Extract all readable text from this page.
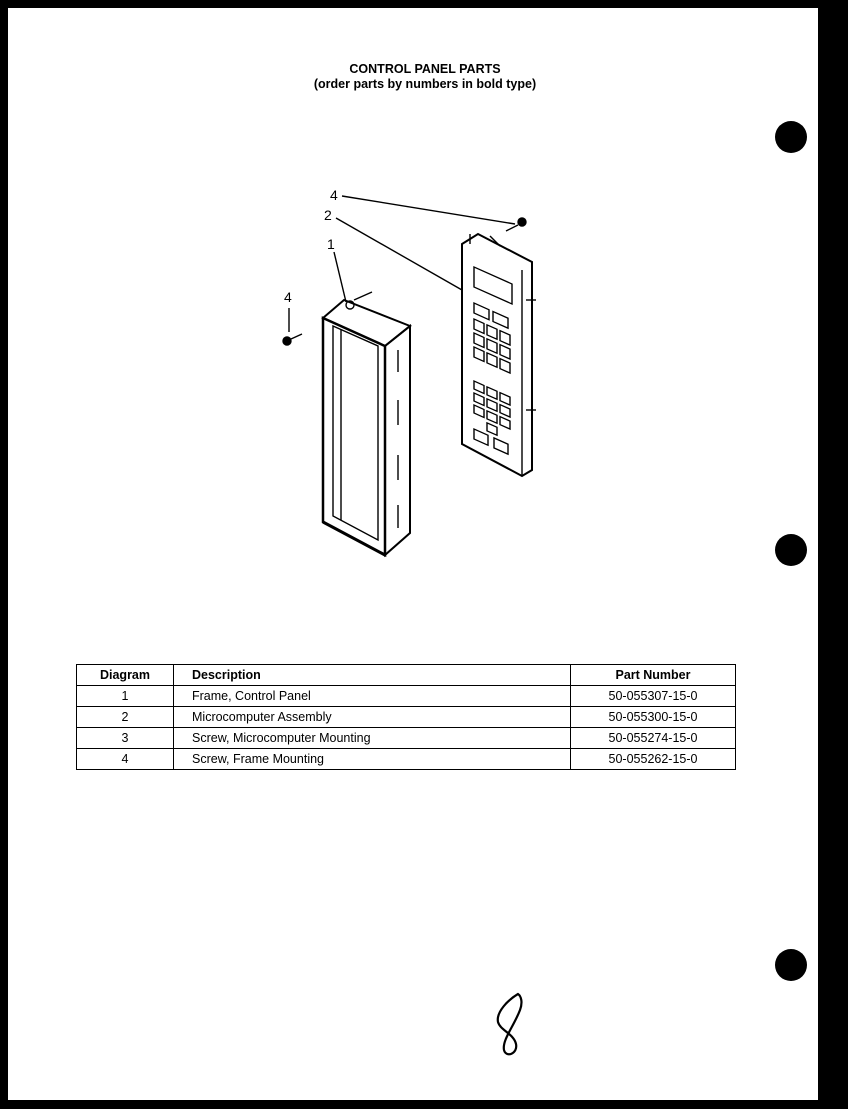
CONTROL PANEL PARTS
(order parts by numbers in bold type)
4
2
1
4
Diagram	Description	Part Number
1	Frame, Control Panel	50-055307-15-0
2	Microcomputer Assembly	50-055300-15-0
3	Screw, Microcomputer Mounting	50-055274-15-0
4	Screw, Frame Mounting	50-055262-15-0
